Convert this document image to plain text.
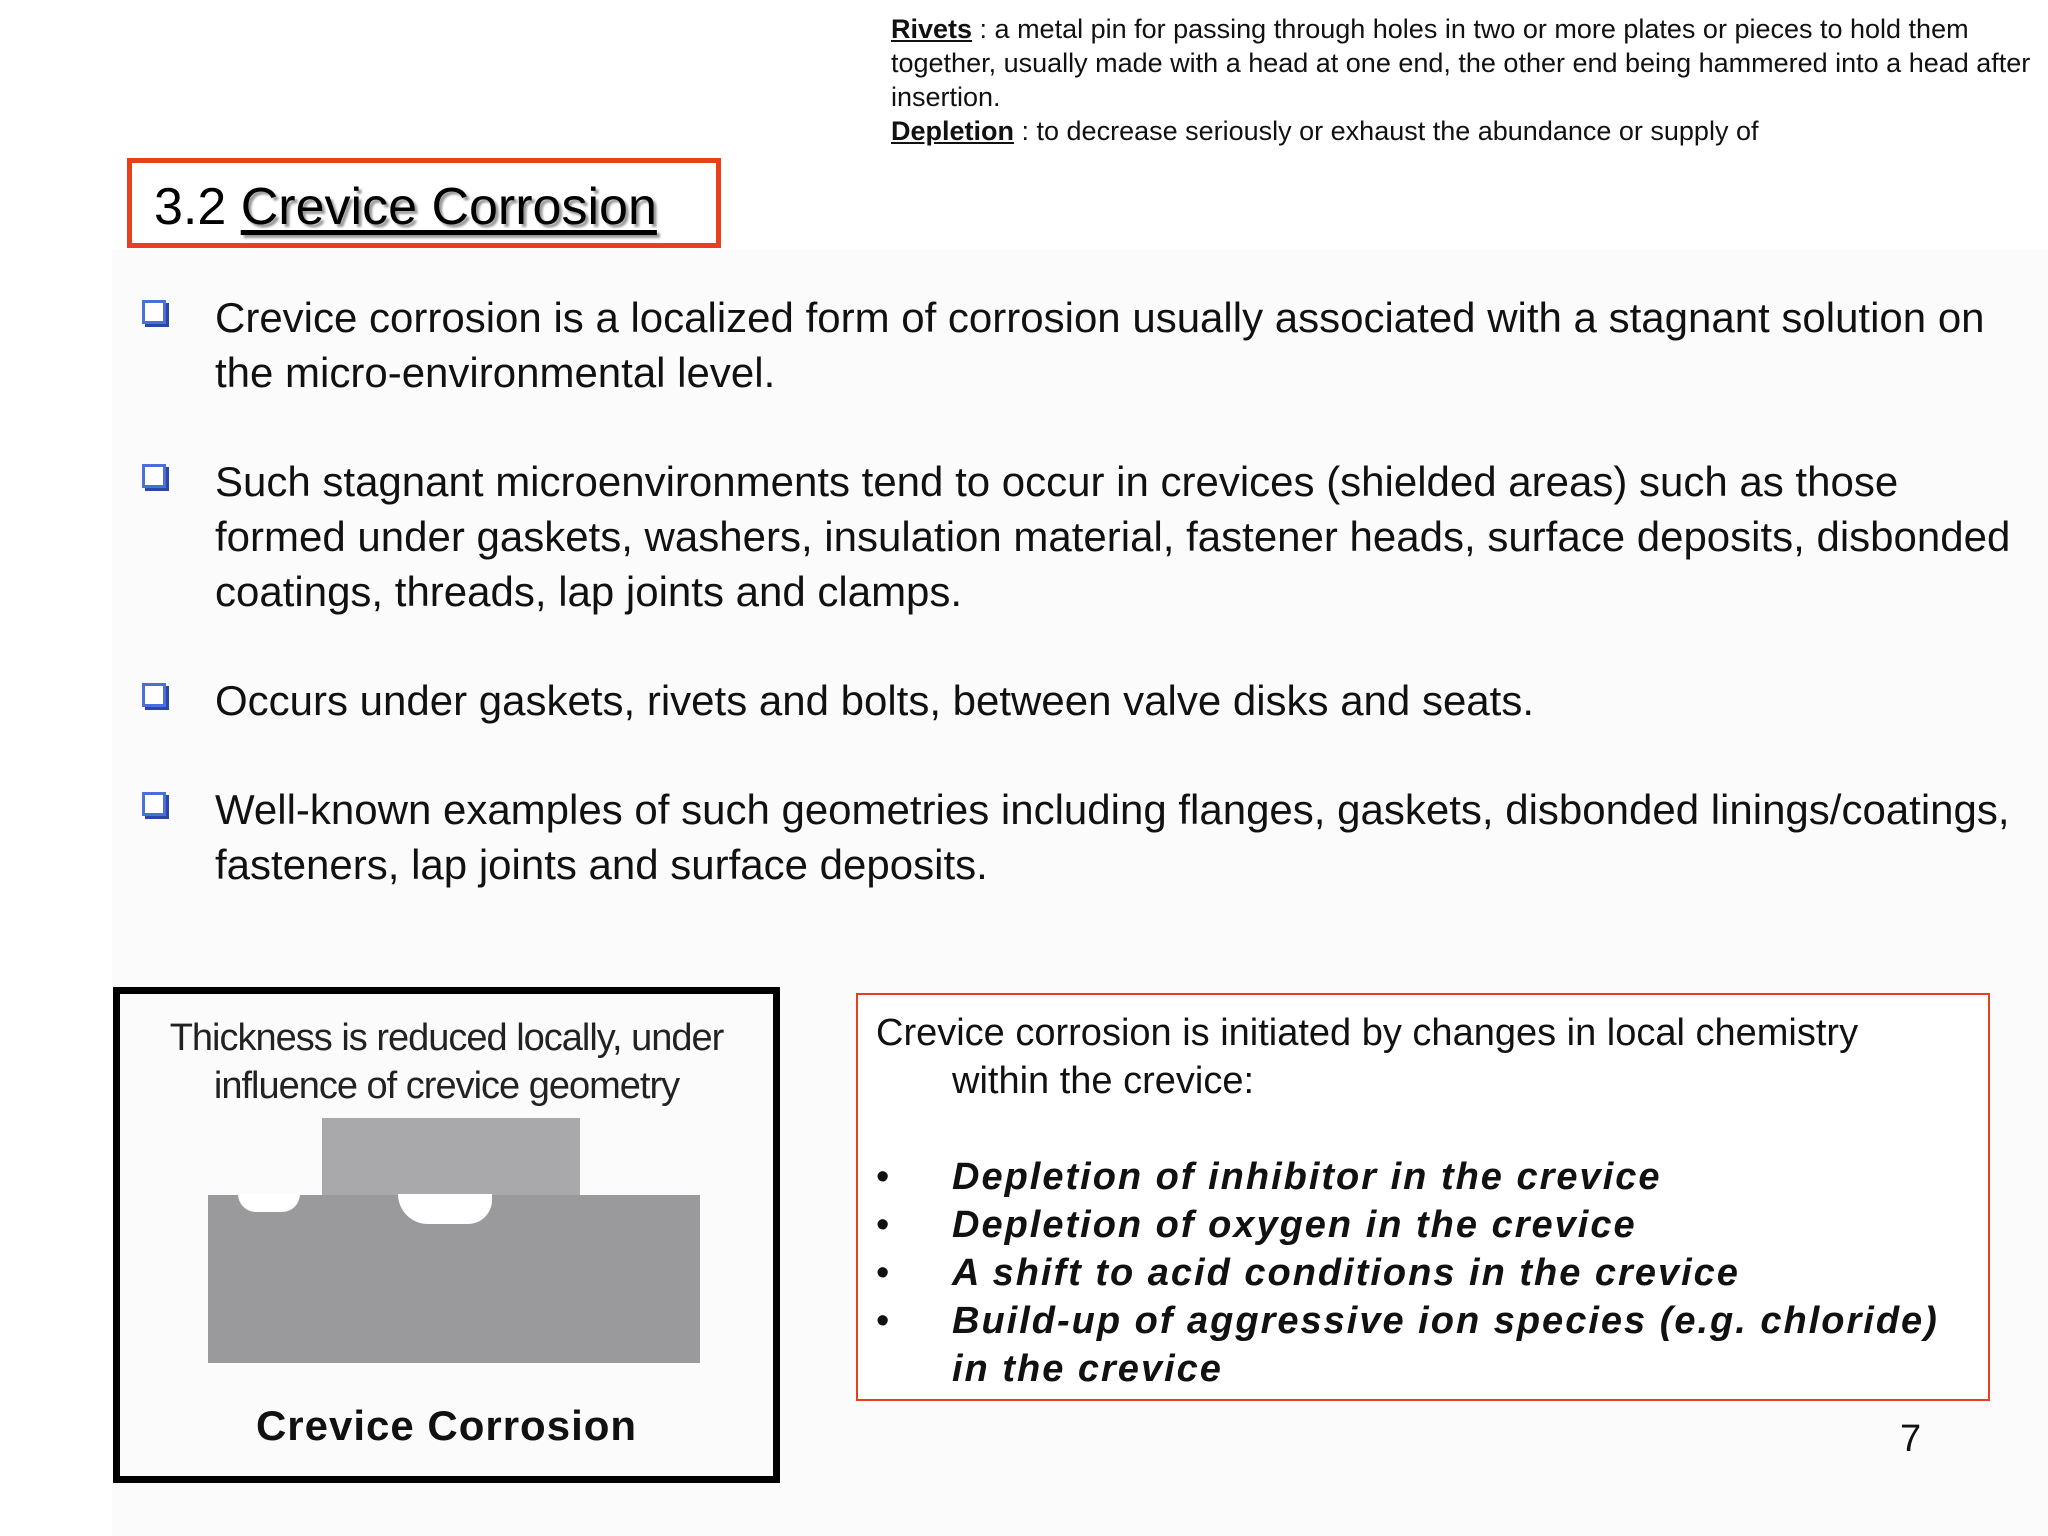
Rivets : a metal pin for passing through holes in two or more plates or pieces to hold them together, usually made with a head at one end, the other end being hammered into a head after insertion.
Depletion : to decrease seriously or exhaust the abundance or supply of
3.2 Crevice Corrosion
Crevice corrosion is a localized form of corrosion usually associated with a stagnant solution on the micro-environmental level.
Such stagnant microenvironments tend to occur in crevices (shielded areas) such as those formed under gaskets, washers, insulation material, fastener heads, surface deposits, disbonded coatings, threads, lap joints and clamps.
Occurs under gaskets, rivets and bolts, between valve disks and seats.
Well-known examples of such geometries including flanges, gaskets, disbonded linings/coatings, fasteners, lap joints and surface deposits.
Thickness is reduced locally, under
influence of crevice geometry
Crevice Corrosion
Crevice corrosion is initiated by changes in local chemistry
within the crevice:
• Depletion of inhibitor in the crevice
• Depletion of oxygen in the crevice
• A shift to acid conditions in the crevice
• Build-up of aggressive ion species (e.g. chloride) in the crevice
7
